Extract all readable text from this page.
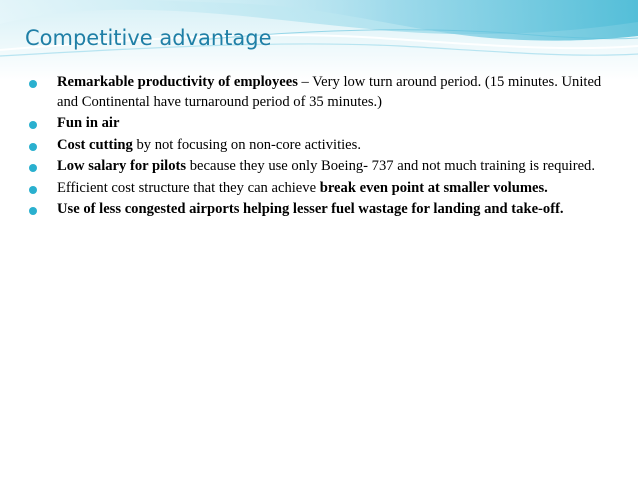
Competitive advantage
Remarkable productivity of employees – Very low turn around period. (15 minutes. United and Continental have turnaround period of 35 minutes.)
Fun in air
Cost cutting by not focusing on non-core activities.
Low salary for pilots because they use only Boeing- 737 and not much training is required.
Efficient cost structure that they can achieve break even point at smaller volumes.
Use of less congested airports helping lesser fuel wastage for landing and take-off.
